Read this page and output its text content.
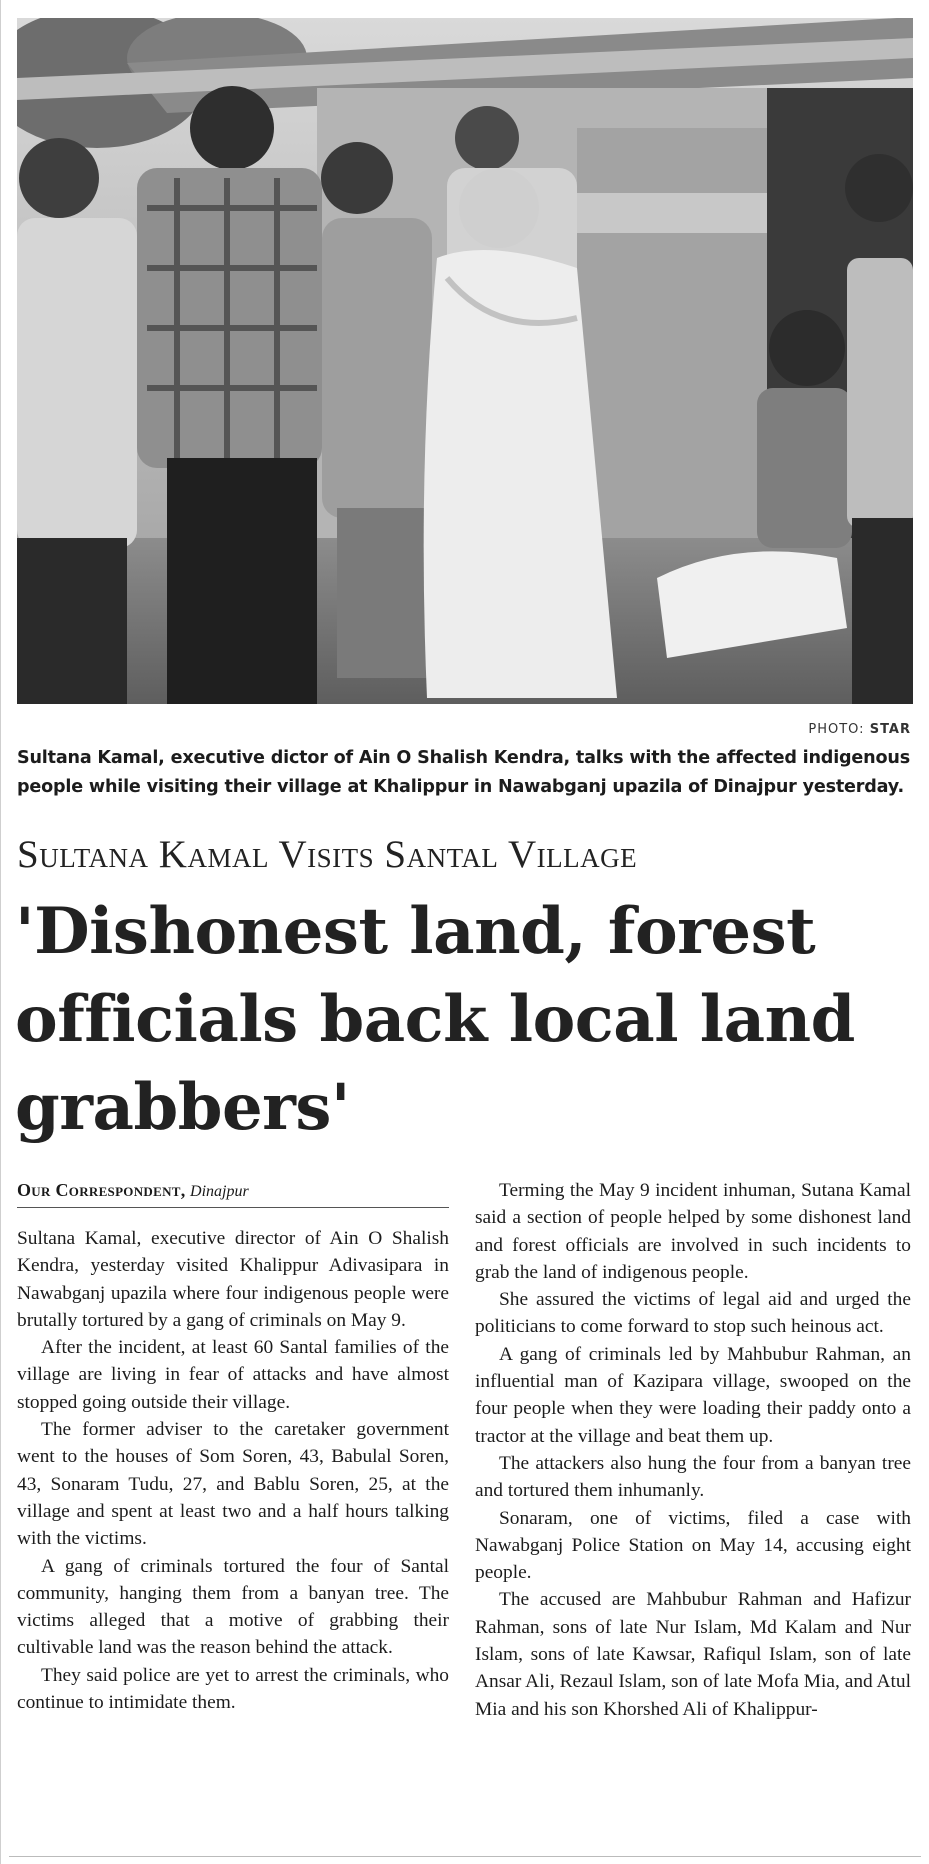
PHOTO: STAR
Sultana Kamal, executive dictor of Ain O Shalish Kendra, talks with the affected indigenous people while visiting their village at Khalippur in Nawabganj upazila of Dinajpur yesterday.
Sultana Kamal Visits Santal Village
'Dishonest land, forest officials back local land grabbers'
Our Correspondent, Dinajpur

Sultana Kamal, executive director of Ain O Shalish Kendra, yesterday visited Khalippur Adivasipara in Nawabganj upazila where four indigenous people were brutally tortured by a gang of criminals on May 9.

After the incident, at least 60 Santal families of the village are living in fear of attacks and have almost stopped going outside their village.

The former adviser to the caretaker government went to the houses of Som Soren, 43, Babulal Soren, 43, Sonaram Tudu, 27, and Bablu Soren, 25, at the village and spent at least two and a half hours talking with the victims.

A gang of criminals tortured the four of Santal community, hanging them from a banyan tree. The victims alleged that a motive of grabbing their cultivable land was the reason behind the attack.

They said police are yet to arrest the criminals, who continue to intimidate them.

Terming the May 9 incident inhuman, Sutana Kamal said a section of people helped by some dishonest land and forest officials are involved in such incidents to grab the land of indigenous people.

She assured the victims of legal aid and urged the politicians to come forward to stop such heinous act.

A gang of criminals led by Mahbubur Rahman, an influential man of Kazipara village, swooped on the four people when they were loading their paddy onto a tractor at the village and beat them up.

The attackers also hung the four from a banyan tree and tortured them inhumanly.

Sonaram, one of victims, filed a case with Nawabganj Police Station on May 14, accusing eight people.

The accused are Mahbubur Rahman and Hafizur Rahman, sons of late Nur Islam, Md Kalam and Nur Islam, sons of late Kawsar, Rafiqul Islam, son of late Ansar Ali, Rezaul Islam, son of late Mofa Mia, and Atul Mia and his son Khorshed Ali of Khalippur-
